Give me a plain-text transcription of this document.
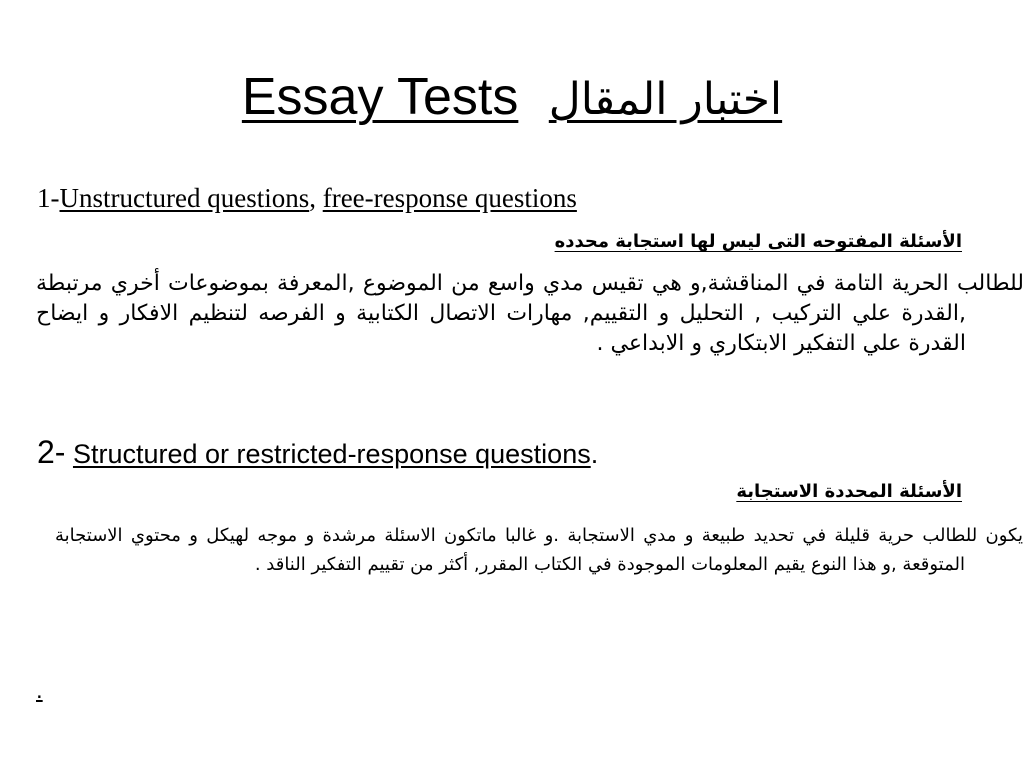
Essay Tests اختبار المقال
1-Unstructured questions, free-response questions
الأسئلة المفتوحه التى ليس لها استجابة محدده
للطالب الحرية التامة في المناقشة,و هي تقيس مدي واسع من الموضوع ,المعرفة بموضوعات أخري مرتبطة ,القدرة علي التركيب , التحليل و التقييم, مهارات الاتصال الكتابية و الفرصه لتنظيم الافكار و ايضاح القدرة علي التفكير الابتكاري و الابداعي .
2- Structured or restricted-response questions.
الأسئلة المحددة الاستجابة
يكون للطالب حرية قليلة في تحديد طبيعة و مدي الاستجابة .و غالبا ماتكون الاسئلة مرشدة و موجه لهيكل و محتوي الاستجابة المتوقعة ,و هذا النوع يقيم المعلومات الموجودة في الكتاب المقرر, أكثر من تقييم التفكير الناقد .
.
